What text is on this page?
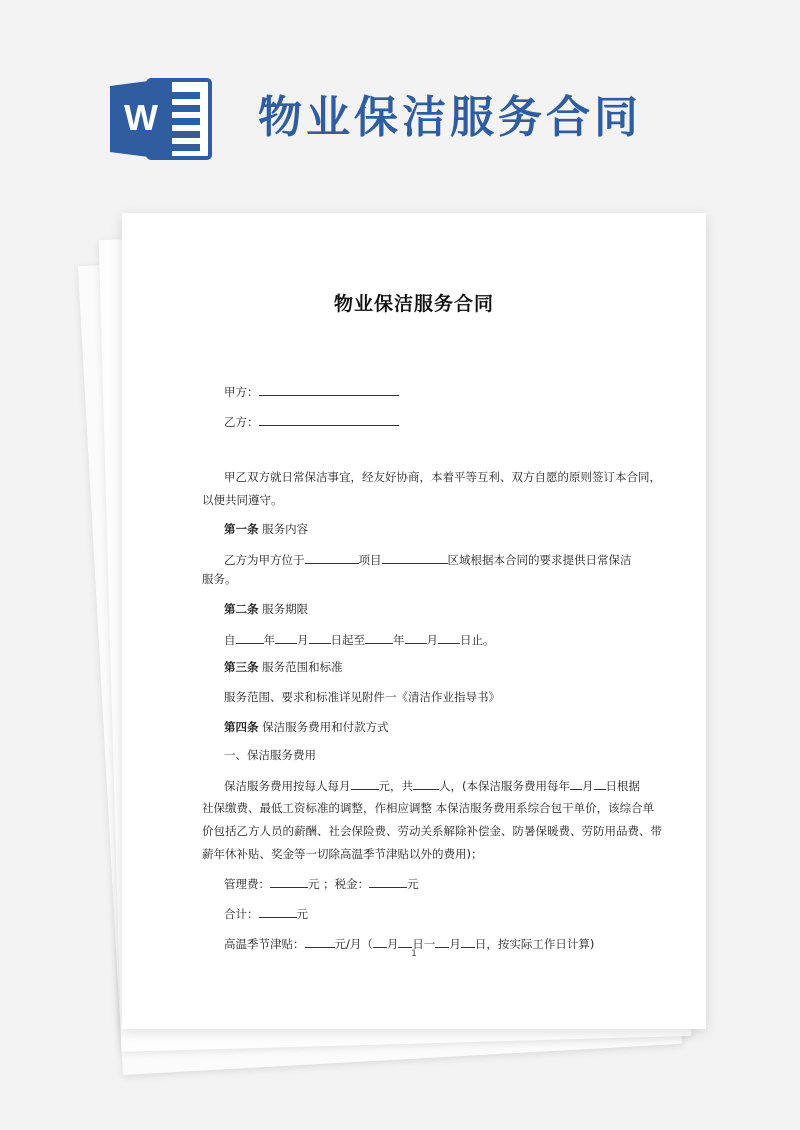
W 物业保洁服务合同
物业保洁服务合同
甲方：
乙方：
甲乙双方就日常保洁事宜，经友好协商，本着平等互利、双方自愿的原则签订本合同，
以便共同遵守。
第一条 服务内容
乙方为甲方位于	项目	区域根据本合同的要求提供日常保洁
服务。
第二条 服务期限
自 年 月 日起至 年 月 日止。
第三条 服务范围和标准
服务范围、要求和标准详见附件一《清洁作业指导书》
第四条 保洁服务费用和付款方式
一、保洁服务费用
保洁服务费用按每人每月 元，共 人，(本保洁服务费用每年 月 日根据
社保缴费、最低工资标准的调整，作相应调整 本保洁服务费用系综合包干单价，该综合单
价包括乙方人员的薪酬、社会保险费、劳动关系解除补偿金、防暑保暖费、劳防用品费、带
薪年休补贴、奖金等一切除高温季节津贴以外的费用)；
管理费：	元 ；税金：	元
合计：	元
高温季节津贴：	元/月（ 月 日一 月 日，按实际工作日计算)
1
